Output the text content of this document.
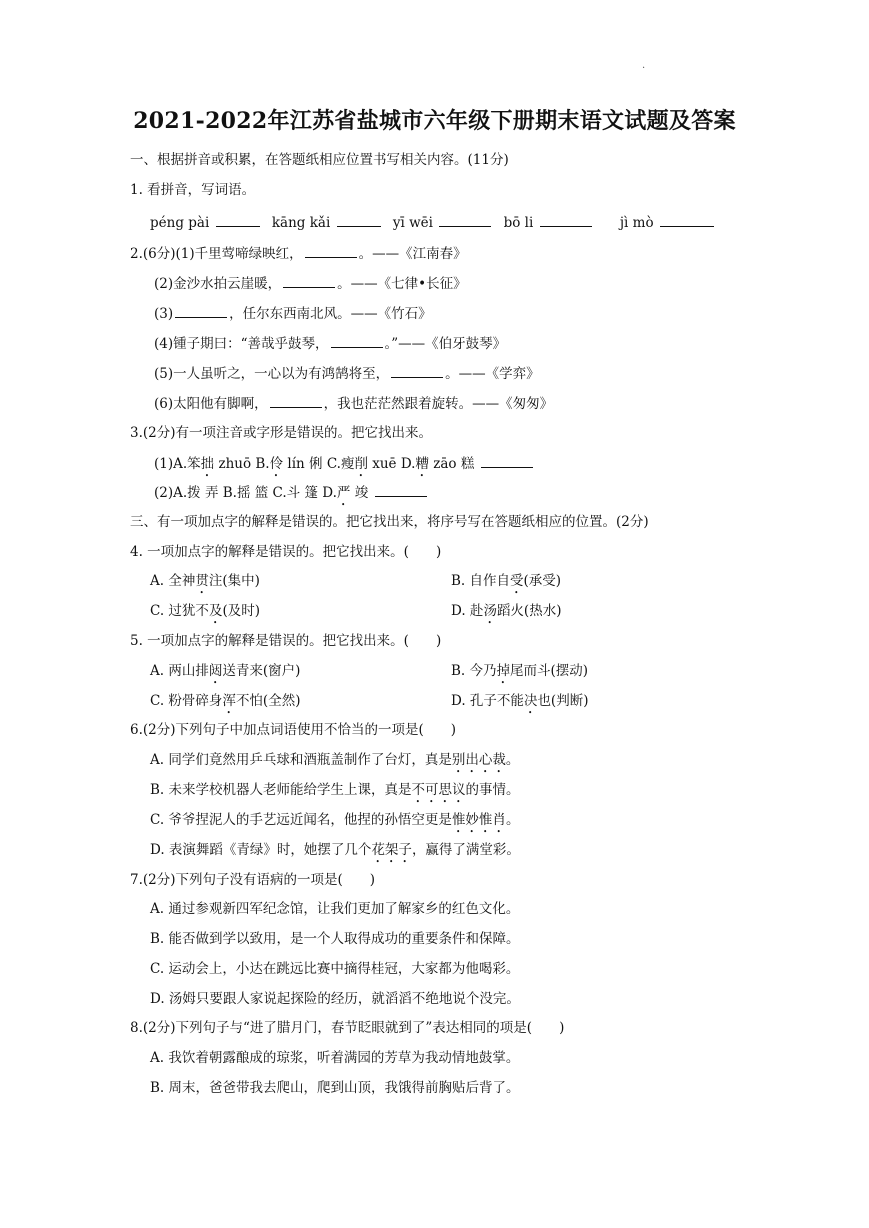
.
2021-2022年江苏省盐城市六年级下册期末语文试题及答案
一、根据拼音或积累，在答题纸相应位置书写相关内容。(11分)
1. 看拼音，写词语。
péng pài	kāng kǎi	yī wēi	bō li	jì mò
2.(6分)(1)千里莺啼绿映红，	。——《江南春》
(2)金沙水拍云崖暖，	。——《七律•长征》
(3)	，任尔东西南北风。——《竹石》
(4)锺子期曰：“善哉乎鼓琴，	。”——《伯牙鼓琴》
(5)一人虽听之，一心以为有鸿鹄将至，	。——《学弈》
(6)太阳他有脚啊，	，我也茫茫然跟着旋转。——《匆匆》
3.(2分)有一项注音或字形是错误的。把它找出来。
(1)A.笨拙 zhuō B.伶 lín 俐 C.瘦削 xuē D.糟 zāo 糕
(2)A.拨 弄 B.摇 篮 C.斗 篷 D.严 竣
三、有一项加点字的解释是错误的。把它找出来，将序号写在答题纸相应的位置。(2分)
4. 一项加点字的解释是错误的。把它找出来。(　　)
A. 全神贯注(集中)	B. 自作自受(承受)
C. 过犹不及(及时)	D. 赴汤蹈火(热水)
5. 一项加点字的解释是错误的。把它找出来。(　　)
A. 两山排闼送青来(窗户)	B. 今乃掉尾而斗(摆动)
C. 粉骨碎身浑不怕(全然)	D. 孔子不能决也(判断)
6.(2分)下列句子中加点词语使用不恰当的一项是(　　)
A. 同学们竟然用乒乓球和酒瓶盖制作了台灯，真是别出心裁。
B. 未来学校机器人老师能给学生上课，真是不可思议的事情。
C. 爷爷捏泥人的手艺远近闻名，他捏的孙悟空更是惟妙惟肖。
D. 表演舞蹈《青绿》时，她摆了几个花架子，赢得了满堂彩。
7.(2分)下列句子没有语病的一项是(　　)
A. 通过参观新四军纪念馆，让我们更加了解家乡的红色文化。
B. 能否做到学以致用，是一个人取得成功的重要条件和保障。
C. 运动会上，小达在跳远比赛中摘得桂冠，大家都为他喝彩。
D. 汤姆只要跟人家说起探险的经历，就滔滔不绝地说个没完。
8.(2分)下列句子与“进了腊月门，春节眨眼就到了”表达相同的项是(　　)
A. 我饮着朝露酿成的琼浆，听着满园的芳草为我动情地鼓掌。
B. 周末，爸爸带我去爬山，爬到山顶，我饿得前胸贴后背了。
